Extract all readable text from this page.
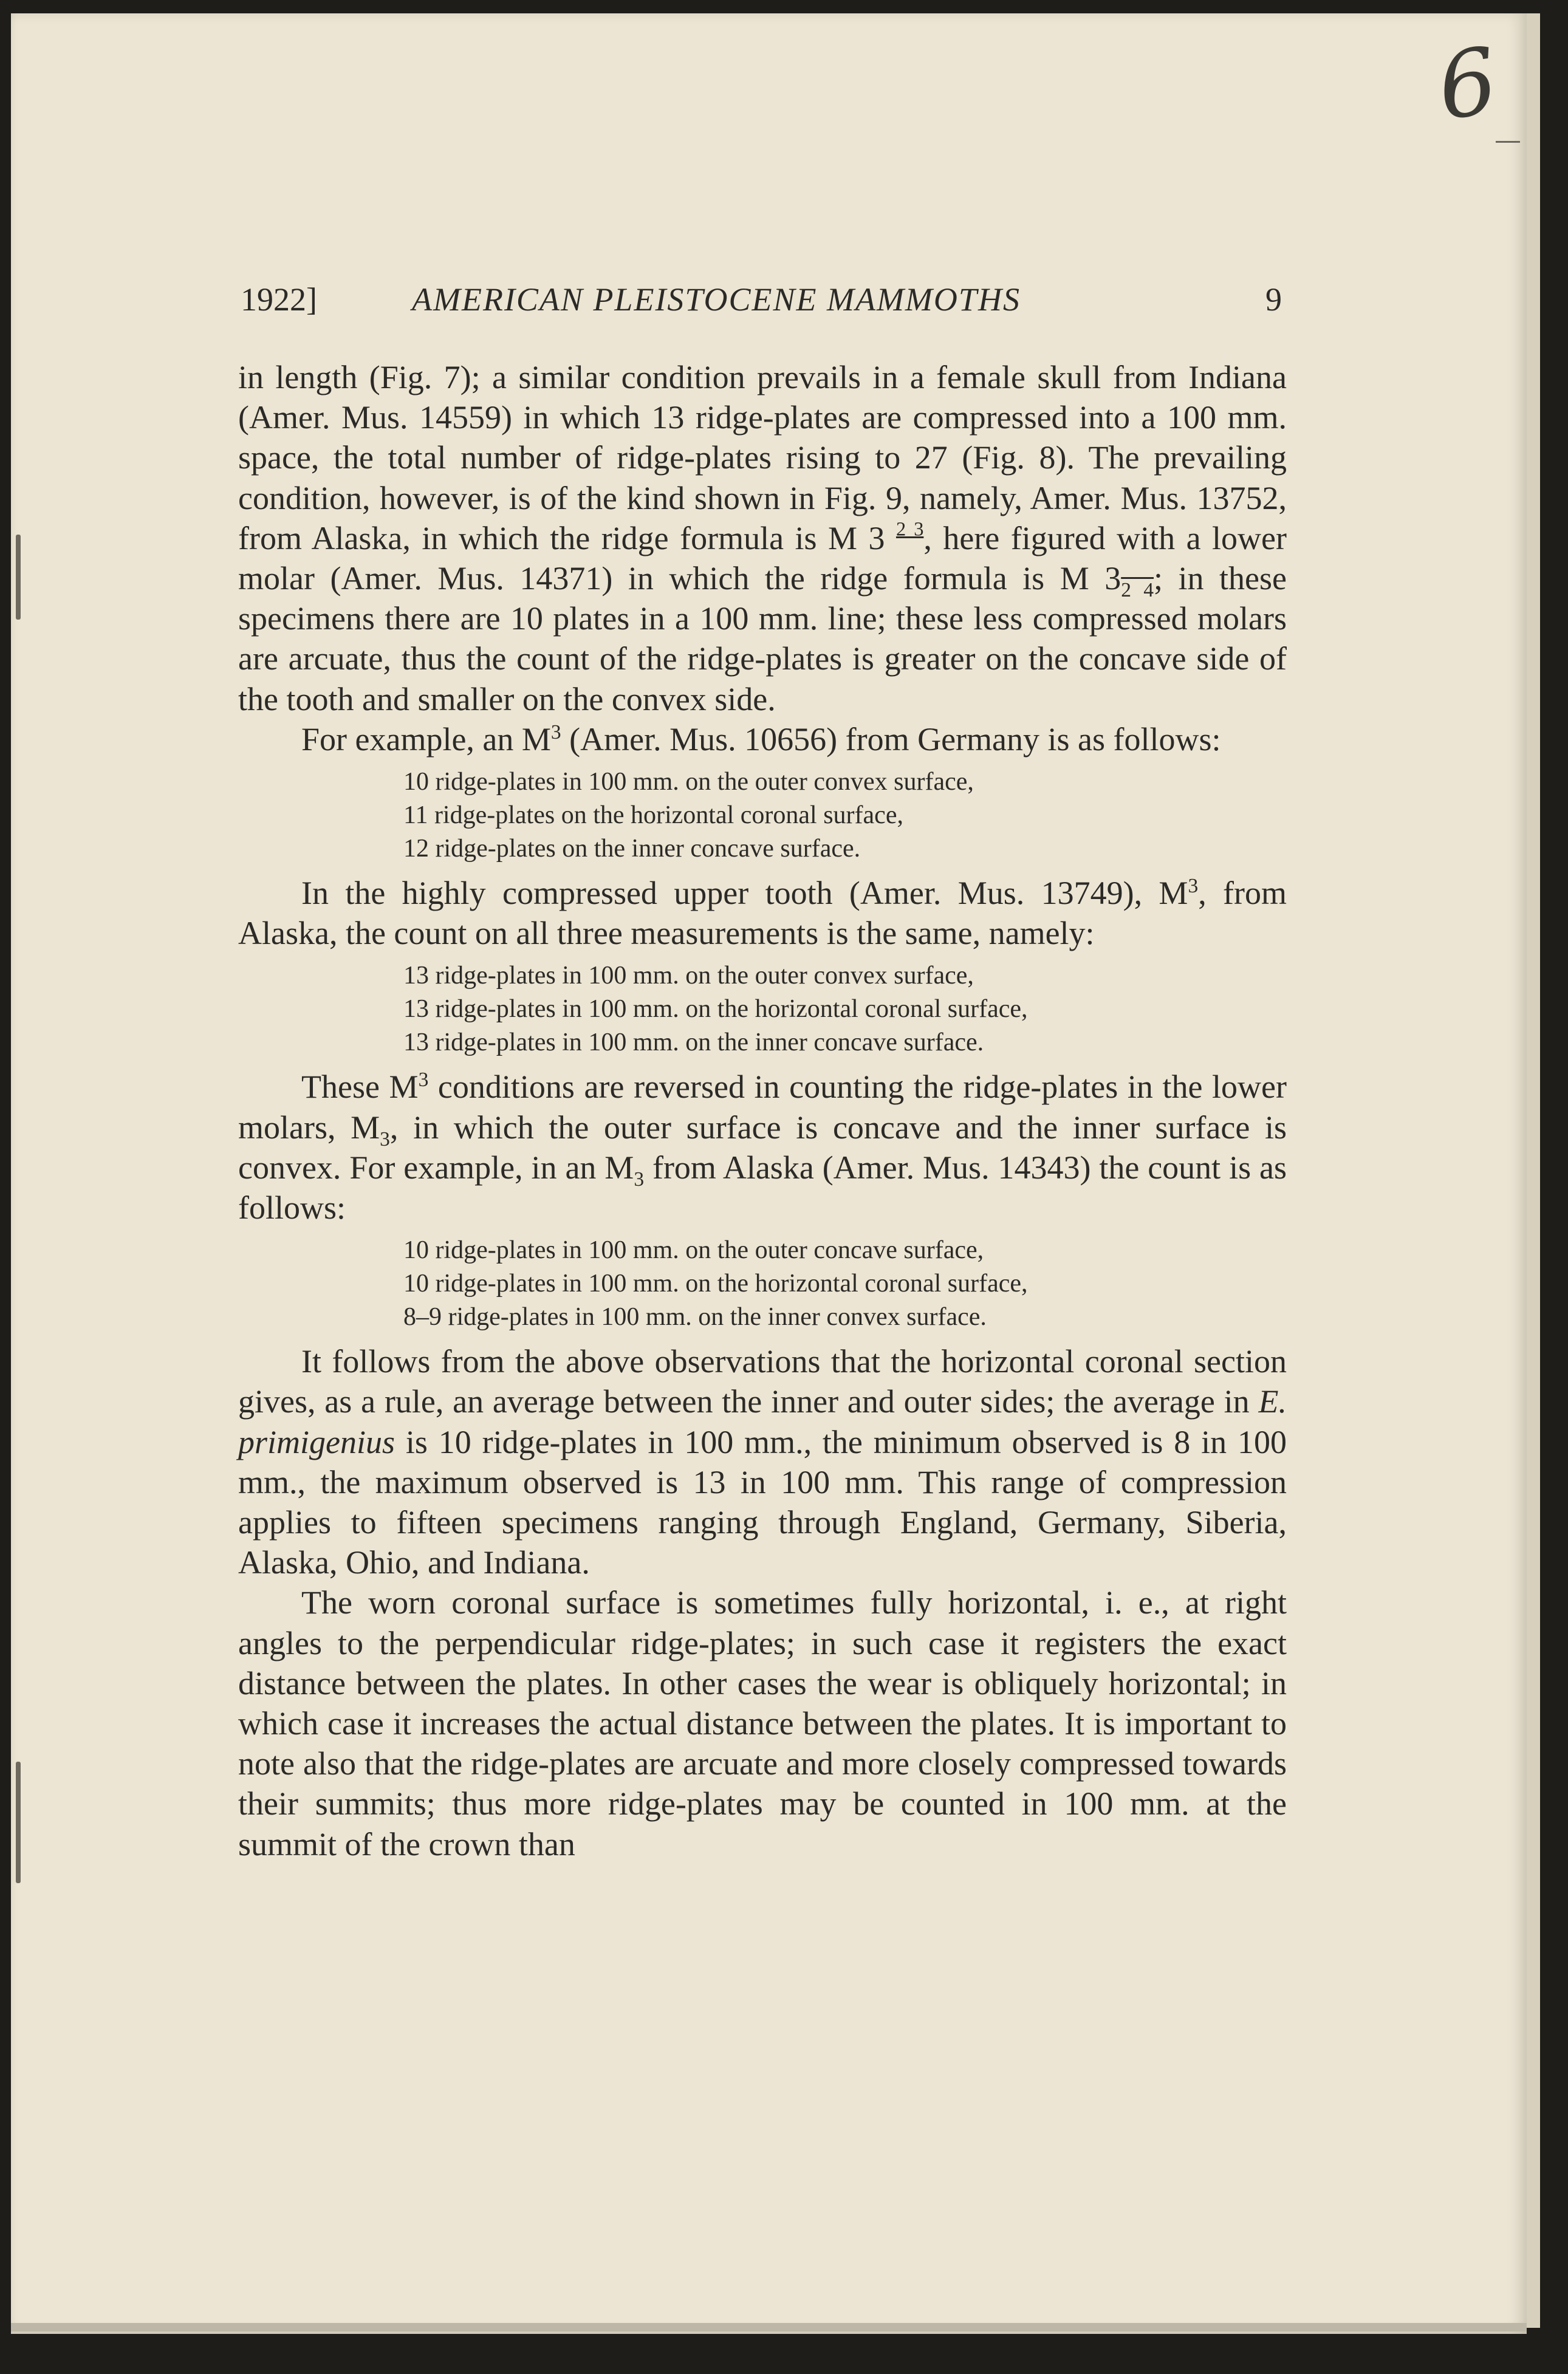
6
1922]	AMERICAN PLEISTOCENE MAMMOTHS	9

in length (Fig. 7); a similar condition prevails in a female skull from Indiana (Amer. Mus. 14559) in which 13 ridge-plates are compressed into a 100 mm. space, the total number of ridge-plates rising to 27 (Fig. 8). The prevailing condition, however, is of the kind shown in Fig. 9, namely, Amer. Mus. 13752, from Alaska, in which the ridge formula is M 3 $^{2 3}$, here figured with a lower molar (Amer. Mus. 14371) in which the ridge formula is M $3_{2 4}$; in these specimens there are 10 plates in a 100 mm. line; these less compressed molars are arcuate, thus the count of the ridge-plates is greater on the concave side of the tooth and smaller on the convex side.

For example, an $M^3$ (Amer. Mus. 10656) from Germany is as follows:

10 ridge-plates in 100 mm. on the outer convex surface,
11 ridge-plates on the horizontal coronal surface,
12 ridge-plates on the inner concave surface.

In the highly compressed upper tooth (Amer. Mus. 13749), $M^3$, from Alaska, the count on all three measurements is the same, namely:

13 ridge-plates in 100 mm. on the outer convex surface,
13 ridge-plates in 100 mm. on the horizontal coronal surface,
13 ridge-plates in 100 mm. on the inner concave surface.

These $M^3$ conditions are reversed in counting the ridge-plates in the lower molars, $M_3$, in which the outer surface is concave and the inner surface is convex. For example, in an $M_3$ from Alaska (Amer. Mus. 14343) the count is as follows:

10 ridge-plates in 100 mm. on the outer concave surface,
10 ridge-plates in 100 mm. on the horizontal coronal surface,
8–9 ridge-plates in 100 mm. on the inner convex surface.

It follows from the above observations that the horizontal coronal section gives, as a rule, an average between the inner and outer sides; the average in E. primigenius is 10 ridge-plates in 100 mm., the minimum observed is 8 in 100 mm., the maximum observed is 13 in 100 mm. This range of compression applies to fifteen specimens ranging through England, Germany, Siberia, Alaska, Ohio, and Indiana.

The worn coronal surface is sometimes fully horizontal, i. e., at right angles to the perpendicular ridge-plates; in such case it registers the exact distance between the plates. In other cases the wear is obliquely horizontal; in which case it increases the actual distance between the plates. It is important to note also that the ridge-plates are arcuate and more closely compressed towards their summits; thus more ridge-plates may be counted in 100 mm. at the summit of the crown than
